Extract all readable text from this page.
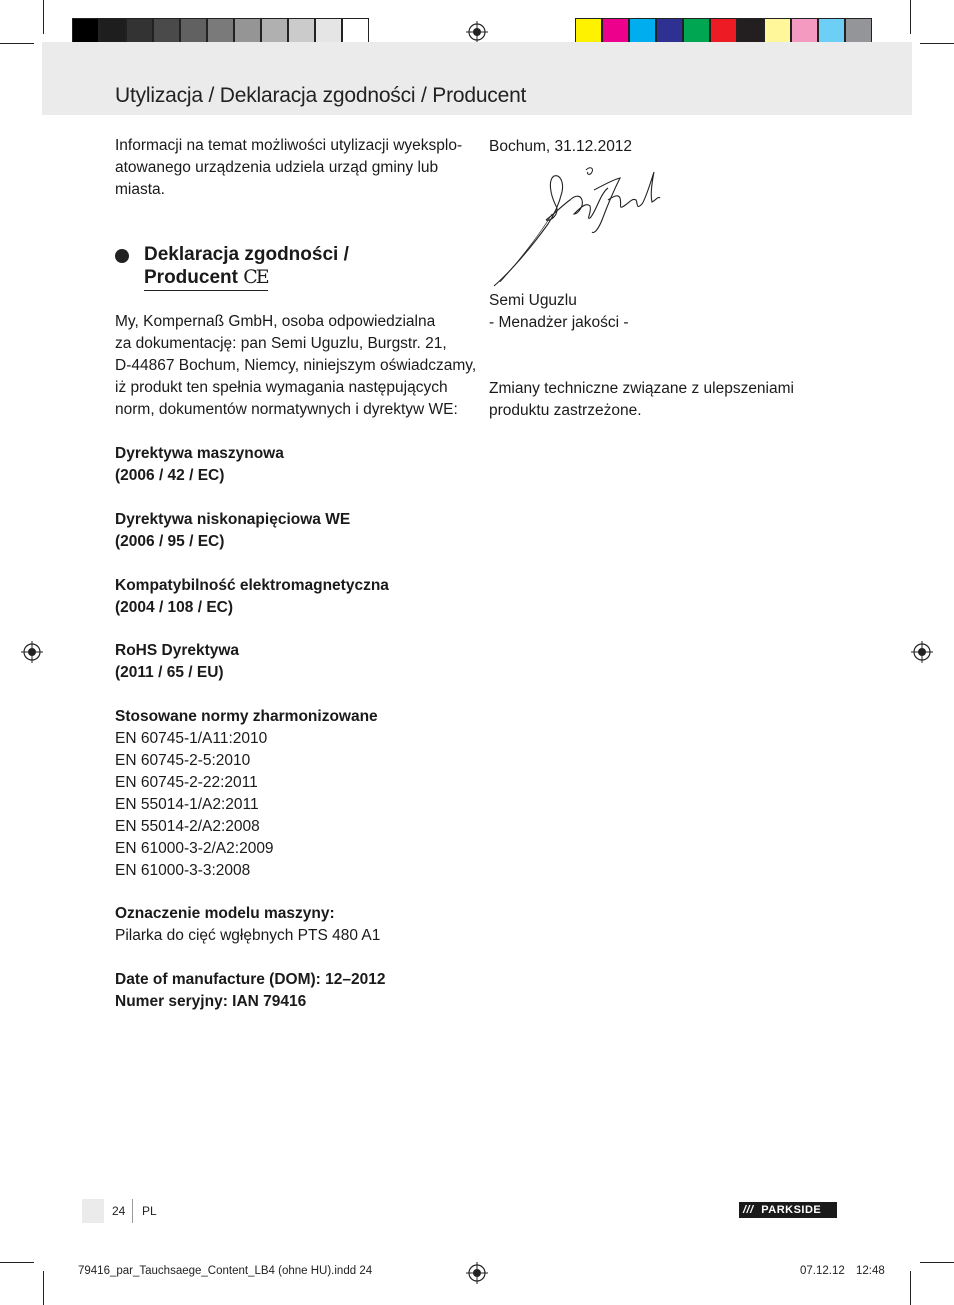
Utylizacja / Deklaracja zgodności / Producent

Informacji na temat możliwości utylizacji wyeksplo-

atowanego urządzenia udziela urząd gminy lub

miasta.

Deklaracja zgodności /
Producent CE

My, Kompernaß GmbH, osoba odpowiedzialna

za dokumentację: pan Semi Uguzlu, Burgstr. 21,

D-44867 Bochum, Niemcy, niniejszym oświadczamy,

iż produkt ten spełnia wymagania następujących

norm, dokumentów normatywnych i dyrektyw WE:

Dyrektywa maszynowa

(2006 / 42 / EC)

Dyrektywa niskonapięciowa WE

(2006 / 95 / EC)

Kompatybilność elektromagnetyczna

(2004 / 108 / EC)

RoHS Dyrektywa

(2011 / 65 / EU)

Stosowane normy zharmonizowane

EN 60745-1/A11:2010

EN 60745-2-5:2010

EN 60745-2-22:2011

EN 55014-1/A2:2011

EN 55014-2/A2:2008

EN 61000-3-2/A2:2009

EN 61000-3-3:2008

Oznaczenie modelu maszyny:

Pilarka do cięć wgłębnych PTS 480 A1

Date of manufacture (DOM): 12–2012

Numer seryjny: IAN 79416

Bochum, 31.12.2012

Semi Uguzlu

- Menadżer jakości -

Zmiany techniczne związane z ulepszeniami

produktu zastrzeżone.

24 PL	/// PARKSIDE
79416_par_Tauchsaege_Content_LB4 (ohne HU).indd 24	07.12.12 12:48
